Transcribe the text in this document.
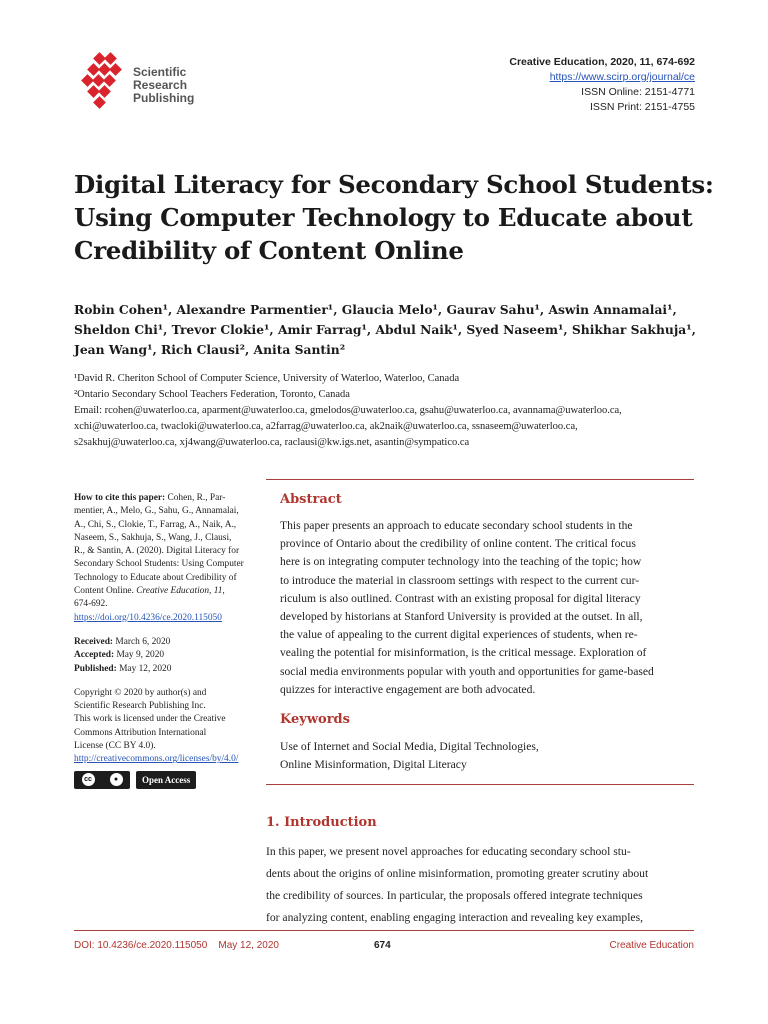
Scientific
Research
Publishing
Creative Education, 2020, 11, 674-692
https://www.scirp.org/journal/ce
ISSN Online: 2151-4771
ISSN Print: 2151-4755
Digital Literacy for Secondary School Students:
Using Computer Technology to Educate about
Credibility of Content Online
Robin Cohen¹, Alexandre Parmentier¹, Glaucia Melo¹, Gaurav Sahu¹, Aswin Annamalai¹,
Sheldon Chi¹, Trevor Clokie¹, Amir Farrag¹, Abdul Naik¹, Syed Naseem¹, Shikhar Sakhuja¹,
Jean Wang¹, Rich Clausi², Anita Santin²
¹David R. Cheriton School of Computer Science, University of Waterloo, Waterloo, Canada
²Ontario Secondary School Teachers Federation, Toronto, Canada
Email: rcohen@uwaterloo.ca, aparment@uwaterloo.ca, gmelodos@uwaterloo.ca, gsahu@uwaterloo.ca, avannama@uwaterloo.ca,
xchi@uwaterloo.ca, twacloki@uwaterloo.ca, a2farrag@uwaterloo.ca, ak2naik@uwaterloo.ca, ssnaseem@uwaterloo.ca,
s2sakhuj@uwaterloo.ca, xj4wang@uwaterloo.ca, raclausi@kw.igs.net, asantin@sympatico.ca
How to cite this paper: Cohen, R., Par-
mentier, A., Melo, G., Sahu, G., Annamalai,
A., Chi, S., Clokie, T., Farrag, A., Naik, A.,
Naseem, S., Sakhuja, S., Wang, J., Clausi,
R., & Santin, A. (2020). Digital Literacy for
Secondary School Students: Using Computer
Technology to Educate about Credibility of
Content Online. Creative Education, 11,
674-692.
https://doi.org/10.4236/ce.2020.115050
Received: March 6, 2020
Accepted: May 9, 2020
Published: May 12, 2020
Copyright © 2020 by author(s) and
Scientific Research Publishing Inc.
This work is licensed under the Creative
Commons Attribution International
License (CC BY 4.0).
http://creativecommons.org/licenses/by/4.0/
cc	●	Open Access
Abstract
This paper presents an approach to educate secondary school students in the
province of Ontario about the credibility of online content. The critical focus
here is on integrating computer technology into the teaching of the topic; how
to introduce the material in classroom settings with respect to the current cur-
riculum is also outlined. Contrast with an existing proposal for digital literacy
developed by historians at Stanford University is provided at the outset. In all,
the value of appealing to the current digital experiences of students, when re-
vealing the potential for misinformation, is the critical message. Exploration of
social media environments popular with youth and opportunities for game-based
quizzes for interactive engagement are both advocated.
Keywords
Use of Internet and Social Media, Digital Technologies,
Online Misinformation, Digital Literacy
1. Introduction
In this paper, we present novel approaches for educating secondary school stu-
dents about the origins of online misinformation, promoting greater scrutiny about
the credibility of sources. In particular, the proposals offered integrate techniques
for analyzing content, enabling engaging interaction and revealing key examples,
DOI: 10.4236/ce.2020.115050 May 12, 2020	674	Creative Education
